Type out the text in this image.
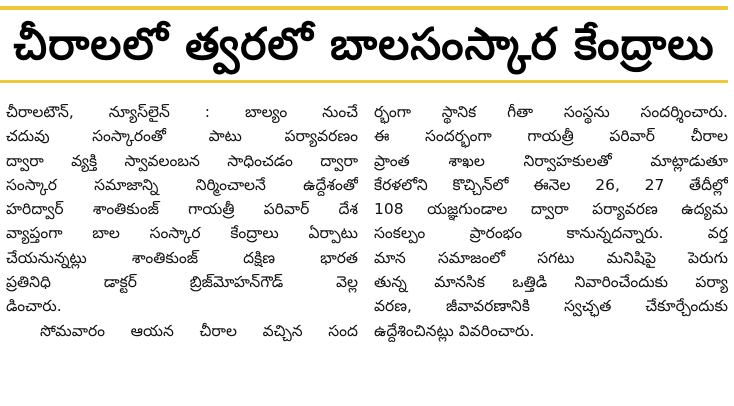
చీరాలలో త్వరలో బాలసంస్కార కేంద్రాలు
చీరాలటౌన్, న్యూస్‌లైన్ : బాల్యం నుంచే
చదువు సంస్కారంతో పాటు పర్యావరణం
ద్వారా వ్యక్తి స్వావలంబన సాధించడం ద్వారా
సంస్కార సమాజాన్ని నిర్మించాలనే ఉద్దేశంతో
హరిద్వార్ శాంతికుంజ్ గాయత్రీ పరివార్ దేశ
వ్యాప్తంగా బాల సంస్కార కేంద్రాలు ఏర్పాటు
చేయనున్నట్లు శాంతికుంజ్ దక్షిణ భారత
ప్రతినిధి డాక్టర్ బ్రిజ్‌మోహన్‌గౌడ్ వెల్ల
డించారు.
సోమవారం ఆయన చీరాల వచ్చిన సంద
ర్భంగా స్థానిక గీతా సంస్థను సందర్శించారు.
ఈ సందర్భంగా గాయత్రీ పరివార్ చీరాల
ప్రాంత శాఖల నిర్వాహకులతో మాట్లాడుతూ
కేరళలోని కొచ్చిన్‌లో ఈనెల 26, 27 తేదీల్లో
108 యజ్ఞగుండాల ద్వారా పర్యావరణ ఉద్యమ
సంకల్పం ప్రారంభం కానున్నదన్నారు. వర్త
మాన సమాజంలో సగటు మనిషిపై పెరుగు
తున్న మానసిక ఒత్తిడి నివారించేందుకు పర్యా
వరణ, జీవావరణానికి స్వచ్ఛత చేకూర్చేందుకు
ఉద్దేశించినట్లు వివరించారు.
